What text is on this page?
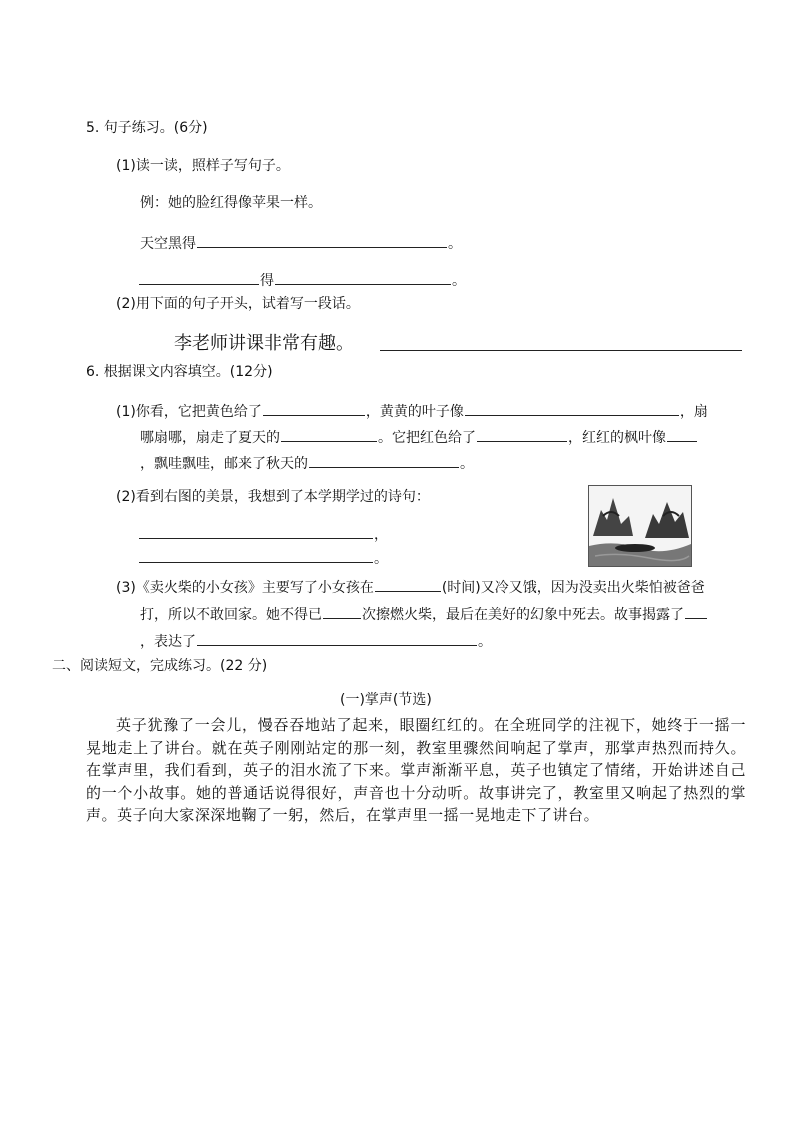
5. 句子练习。(6分)
(1)读一读，照样子写句子。
例：她的脸红得像苹果一样。
天空黑得	。
得	。
(2)用下面的句子开头，试着写一段话。
李老师讲课非常有趣。
6. 根据课文内容填空。(12分)
(1)你看，它把黄色给了	，黄黄的叶子像	，扇
哪扇哪，扇走了夏天的	。它把红色给了	，红红的枫叶像
，飘哇飘哇，邮来了秋天的	。
(2)看到右图的美景，我想到了本学期学过的诗句：
，
。
(3)《卖火柴的小女孩》主要写了小女孩在	(时间)又冷又饿，因为没卖出火柴怕被爸爸
打，所以不敢回家。她不得已	次擦燃火柴，最后在美好的幻象中死去。故事揭露了
，表达了	。
二、阅读短文，完成练习。(22 分)
(一)掌声(节选)
英子犹豫了一会儿，慢吞吞地站了起来，眼圈红红的。在全班同学的注视下，她终于一摇一晃地走上了讲台。就在英子刚刚站定的那一刻，教室里骤然间响起了掌声，那掌声热烈而持久。在掌声里，我们看到，英子的泪水流了下来。掌声渐渐平息，英子也镇定了情绪，开始讲述自己的一个小故事。她的普通话说得很好，声音也十分动听。故事讲完了，教室里又响起了热烈的掌声。英子向大家深深地鞠了一躬，然后，在掌声里一摇一晃地走下了讲台。
